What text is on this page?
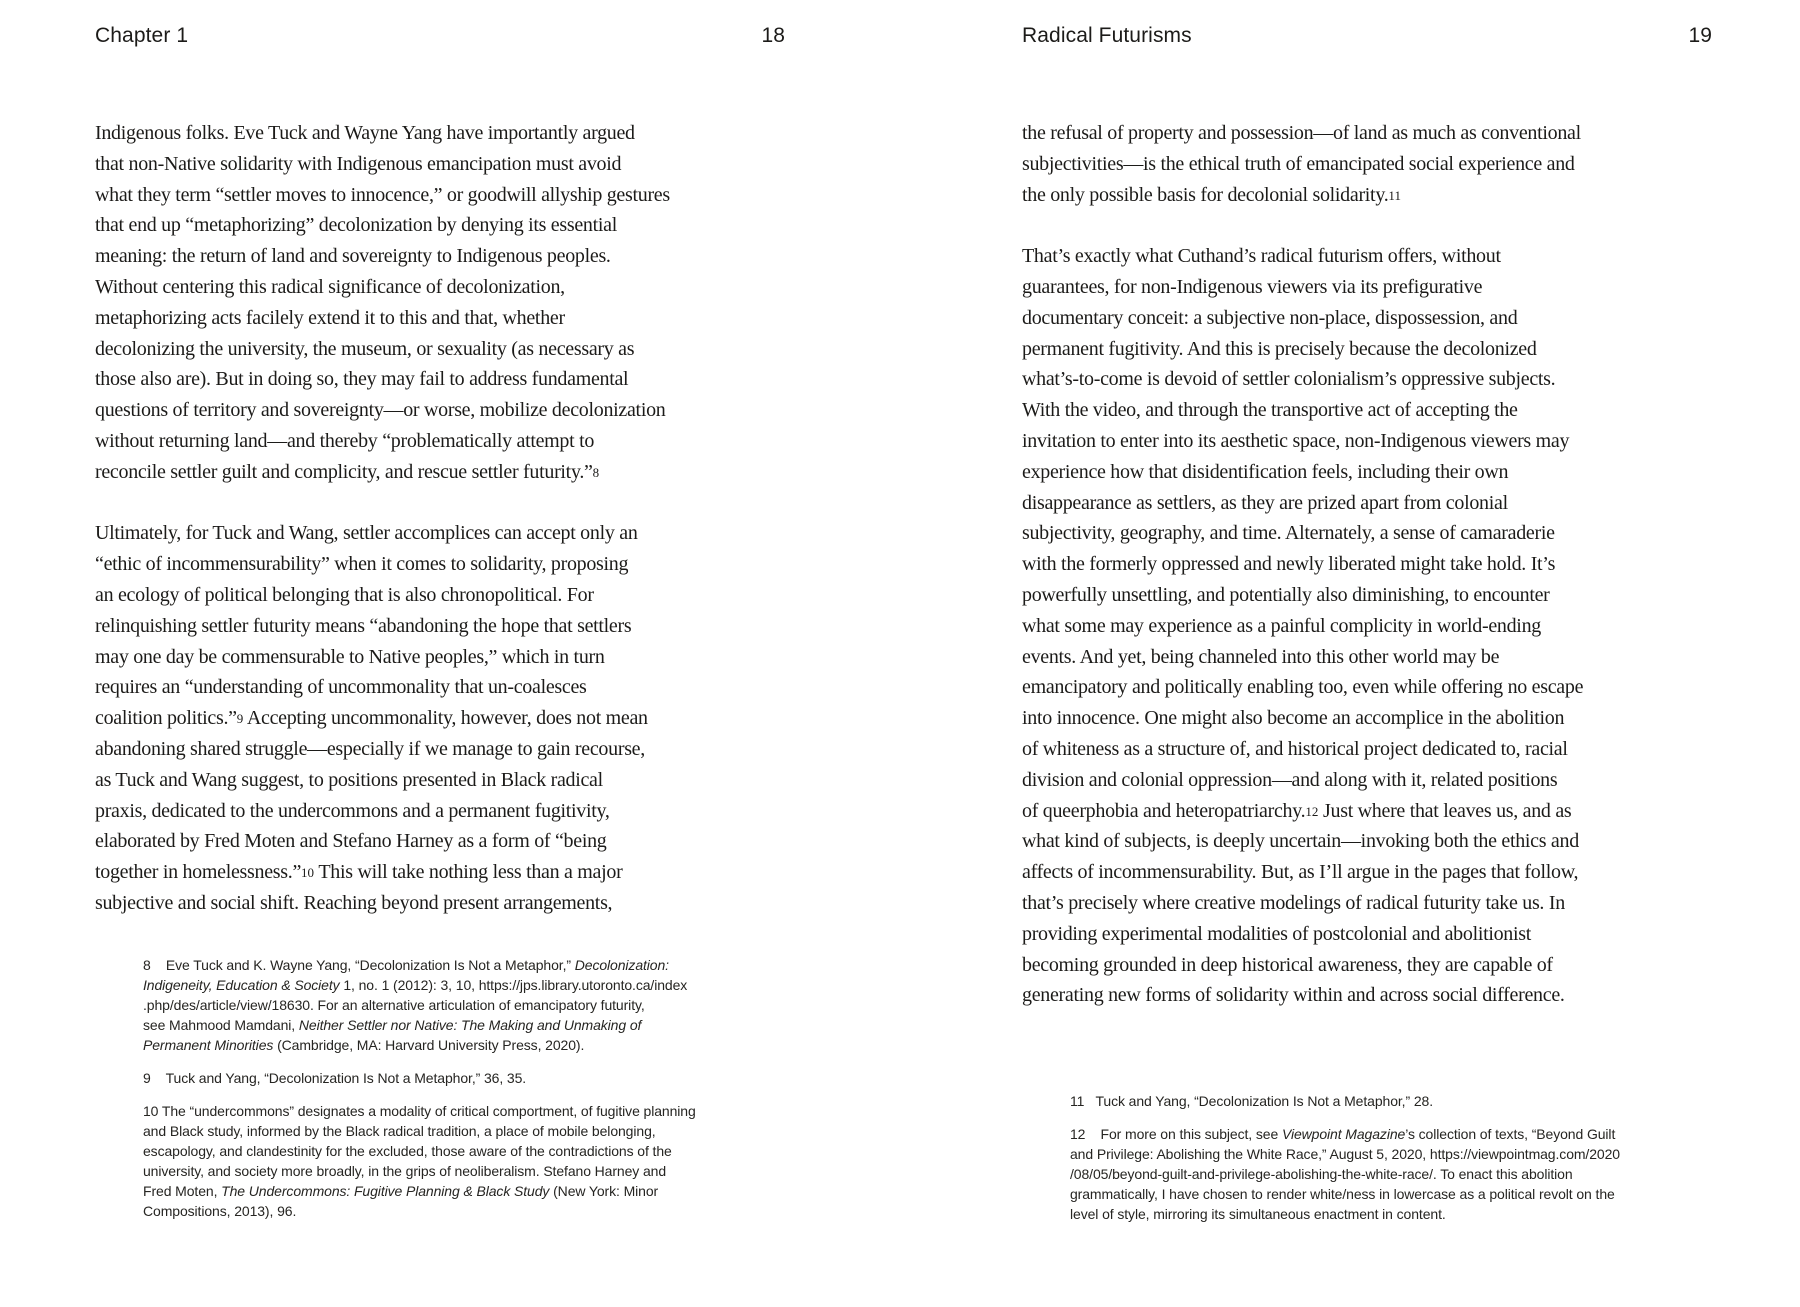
Chapter 1	18
Indigenous folks. Eve Tuck and Wayne Yang have importantly argued
that non-Native solidarity with Indigenous emancipation must avoid
what they term “settler moves to innocence,” or goodwill allyship gestures
that end up “metaphorizing” decolonization by denying its essential
meaning: the return of land and sovereignty to Indigenous peoples.
Without centering this radical significance of decolonization,
metaphorizing acts facilely extend it to this and that, whether
decolonizing the university, the museum, or sexuality (as necessary as
those also are). But in doing so, they may fail to address fundamental
questions of territory and sovereignty—or worse, mobilize decolonization
without returning land—and thereby “problematically attempt to
reconcile settler guilt and complicity, and rescue settler futurity.”8
Ultimately, for Tuck and Wang, settler accomplices can accept only an
“ethic of incommensurability” when it comes to solidarity, proposing
an ecology of political belonging that is also chronopolitical. For
relinquishing settler futurity means “abandoning the hope that settlers
may one day be commensurable to Native peoples,” which in turn
requires an “understanding of uncommonality that un-coalesces
coalition politics.”9 Accepting uncommonality, however, does not mean
abandoning shared struggle—especially if we manage to gain recourse,
as Tuck and Wang suggest, to positions presented in Black radical
praxis, dedicated to the undercommons and a permanent fugitivity,
elaborated by Fred Moten and Stefano Harney as a form of “being
together in homelessness.”10 This will take nothing less than a major
subjective and social shift. Reaching beyond present arrangements,
8    Eve Tuck and K. Wayne Yang, “Decolonization Is Not a Metaphor,” Decolonization:
Indigeneity, Education & Society 1, no. 1 (2012): 3, 10, https://jps.library.utoronto.ca/index
.php/des/article/view/18630. For an alternative articulation of emancipatory futurity,
see Mahmood Mamdani, Neither Settler nor Native: The Making and Unmaking of
Permanent Minorities (Cambridge, MA: Harvard University Press, 2020).
9    Tuck and Yang, “Decolonization Is Not a Metaphor,” 36, 35.
10 The “undercommons” designates a modality of critical comportment, of fugitive planning
and Black study, informed by the Black radical tradition, a place of mobile belonging,
escapology, and clandestinity for the excluded, those aware of the contradictions of the
university, and society more broadly, in the grips of neoliberalism. Stefano Harney and
Fred Moten, The Undercommons: Fugitive Planning & Black Study (New York: Minor
Compositions, 2013), 96.
Radical Futurisms	19
the refusal of property and possession—of land as much as conventional
subjectivities—is the ethical truth of emancipated social experience and
the only possible basis for decolonial solidarity.11
That’s exactly what Cuthand’s radical futurism offers, without
guarantees, for non-Indigenous viewers via its prefigurative
documentary conceit: a subjective non-place, dispossession, and
permanent fugitivity. And this is precisely because the decolonized
what’s-to-come is devoid of settler colonialism’s oppressive subjects.
With the video, and through the transportive act of accepting the
invitation to enter into its aesthetic space, non-Indigenous viewers may
experience how that disidentification feels, including their own
disappearance as settlers, as they are prized apart from colonial
subjectivity, geography, and time. Alternately, a sense of camaraderie
with the formerly oppressed and newly liberated might take hold. It’s
powerfully unsettling, and potentially also diminishing, to encounter
what some may experience as a painful complicity in world-ending
events. And yet, being channeled into this other world may be
emancipatory and politically enabling too, even while offering no escape
into innocence. One might also become an accomplice in the abolition
of whiteness as a structure of, and historical project dedicated to, racial
division and colonial oppression—and along with it, related positions
of queerphobia and heteropatriarchy.12 Just where that leaves us, and as
what kind of subjects, is deeply uncertain—invoking both the ethics and
affects of incommensurability. But, as I’ll argue in the pages that follow,
that’s precisely where creative modelings of radical futurity take us. In
providing experimental modalities of postcolonial and abolitionist
becoming grounded in deep historical awareness, they are capable of
generating new forms of solidarity within and across social difference.
11   Tuck and Yang, “Decolonization Is Not a Metaphor,” 28.
12    For more on this subject, see Viewpoint Magazine’s collection of texts, “Beyond Guilt
and Privilege: Abolishing the White Race,” August 5, 2020, https://viewpointmag.com/2020
/08/05/beyond-guilt-and-privilege-abolishing-the-white-race/. To enact this abolition
grammatically, I have chosen to render white/ness in lowercase as a political revolt on the
level of style, mirroring its simultaneous enactment in content.
